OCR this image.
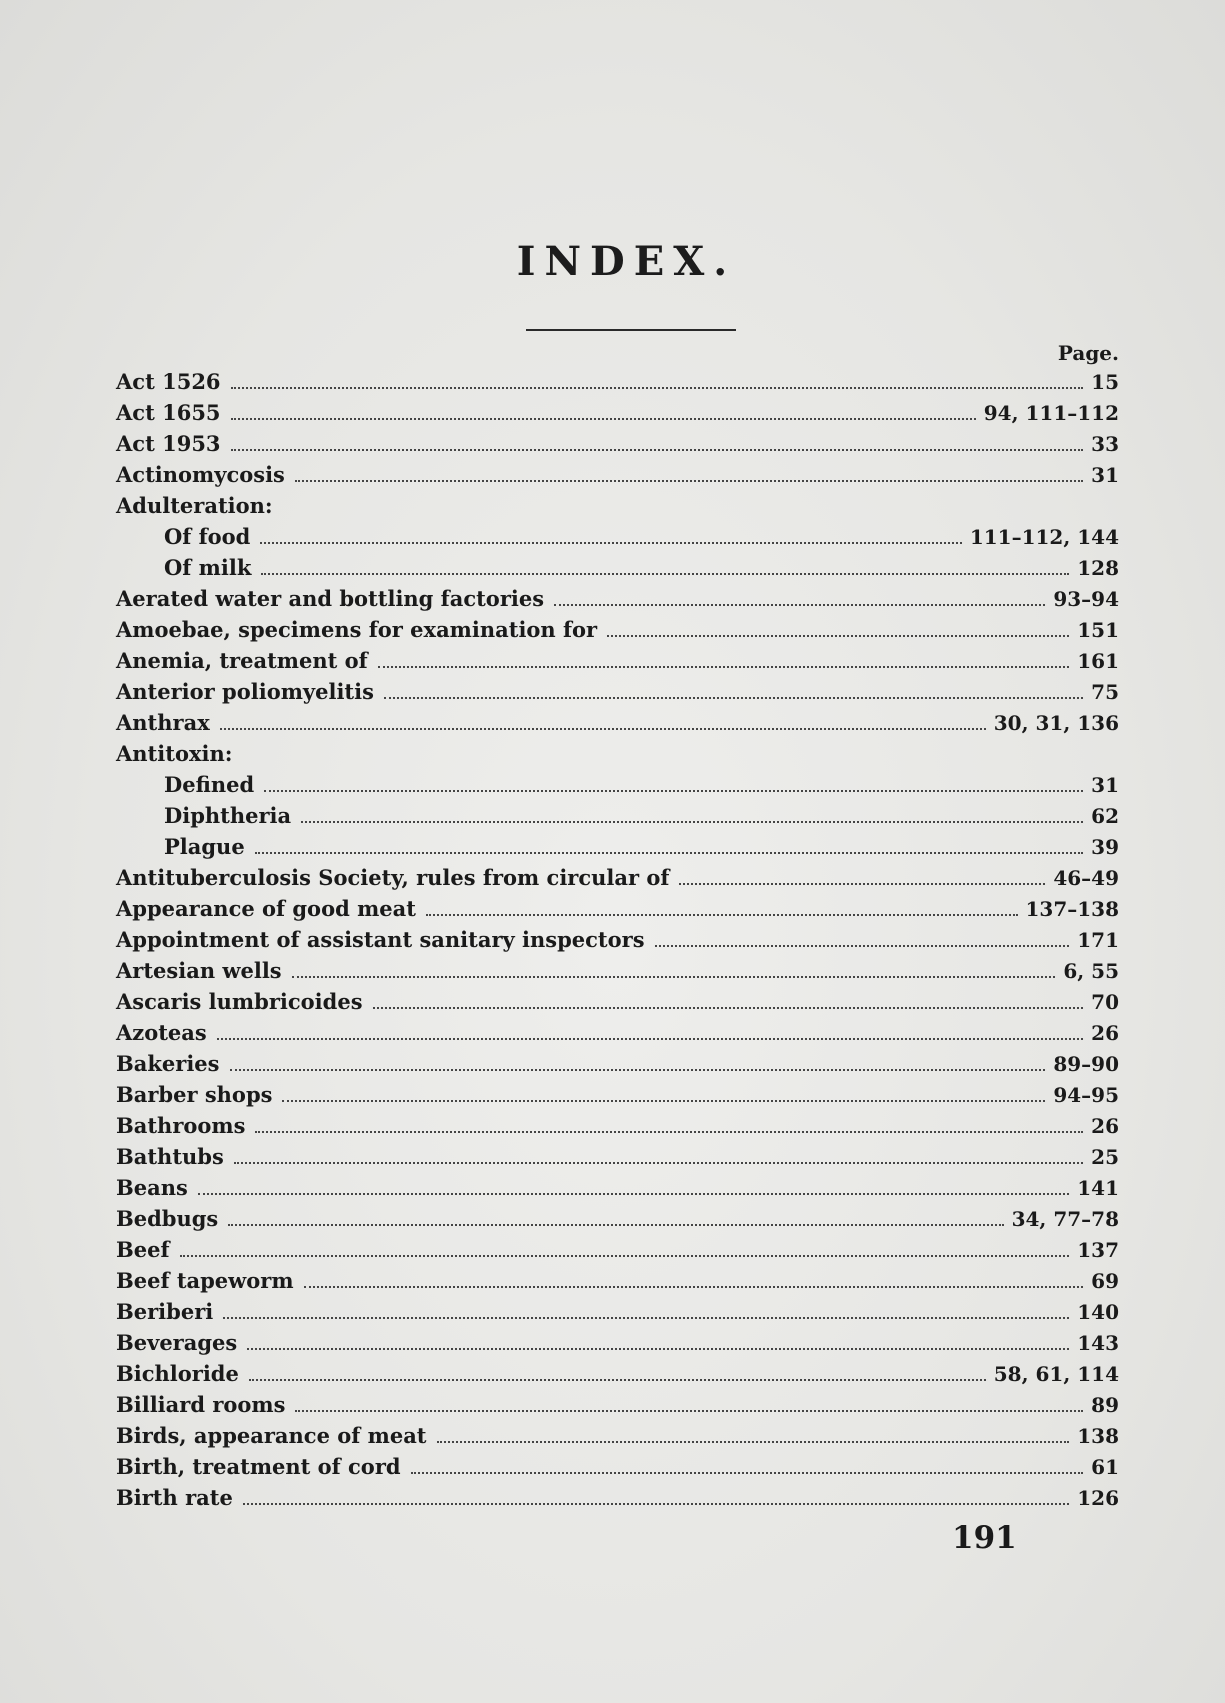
INDEX.
Page.
Act 1526	15
Act 1655	94, 111–112
Act 1953	33
Actinomycosis	31
Adulteration:
Of food	111–112, 144
Of milk	128
Aerated water and bottling factories	93–94
Amoebae, specimens for examination for	151
Anemia, treatment of	161
Anterior poliomyelitis	75
Anthrax	30, 31, 136
Antitoxin:
Defined	31
Diphtheria	62
Plague	39
Antituberculosis Society, rules from circular of	46–49
Appearance of good meat	137–138
Appointment of assistant sanitary inspectors	171
Artesian wells	6, 55
Ascaris lumbricoides	70
Azoteas	26
Bakeries	89–90
Barber shops	94–95
Bathrooms	26
Bathtubs	25
Beans	141
Bedbugs	34, 77–78
Beef	137
Beef tapeworm	69
Beriberi	140
Beverages	143
Bichloride	58, 61, 114
Billiard rooms	89
Birds, appearance of meat	138
Birth, treatment of cord	61
Birth rate	126
191
